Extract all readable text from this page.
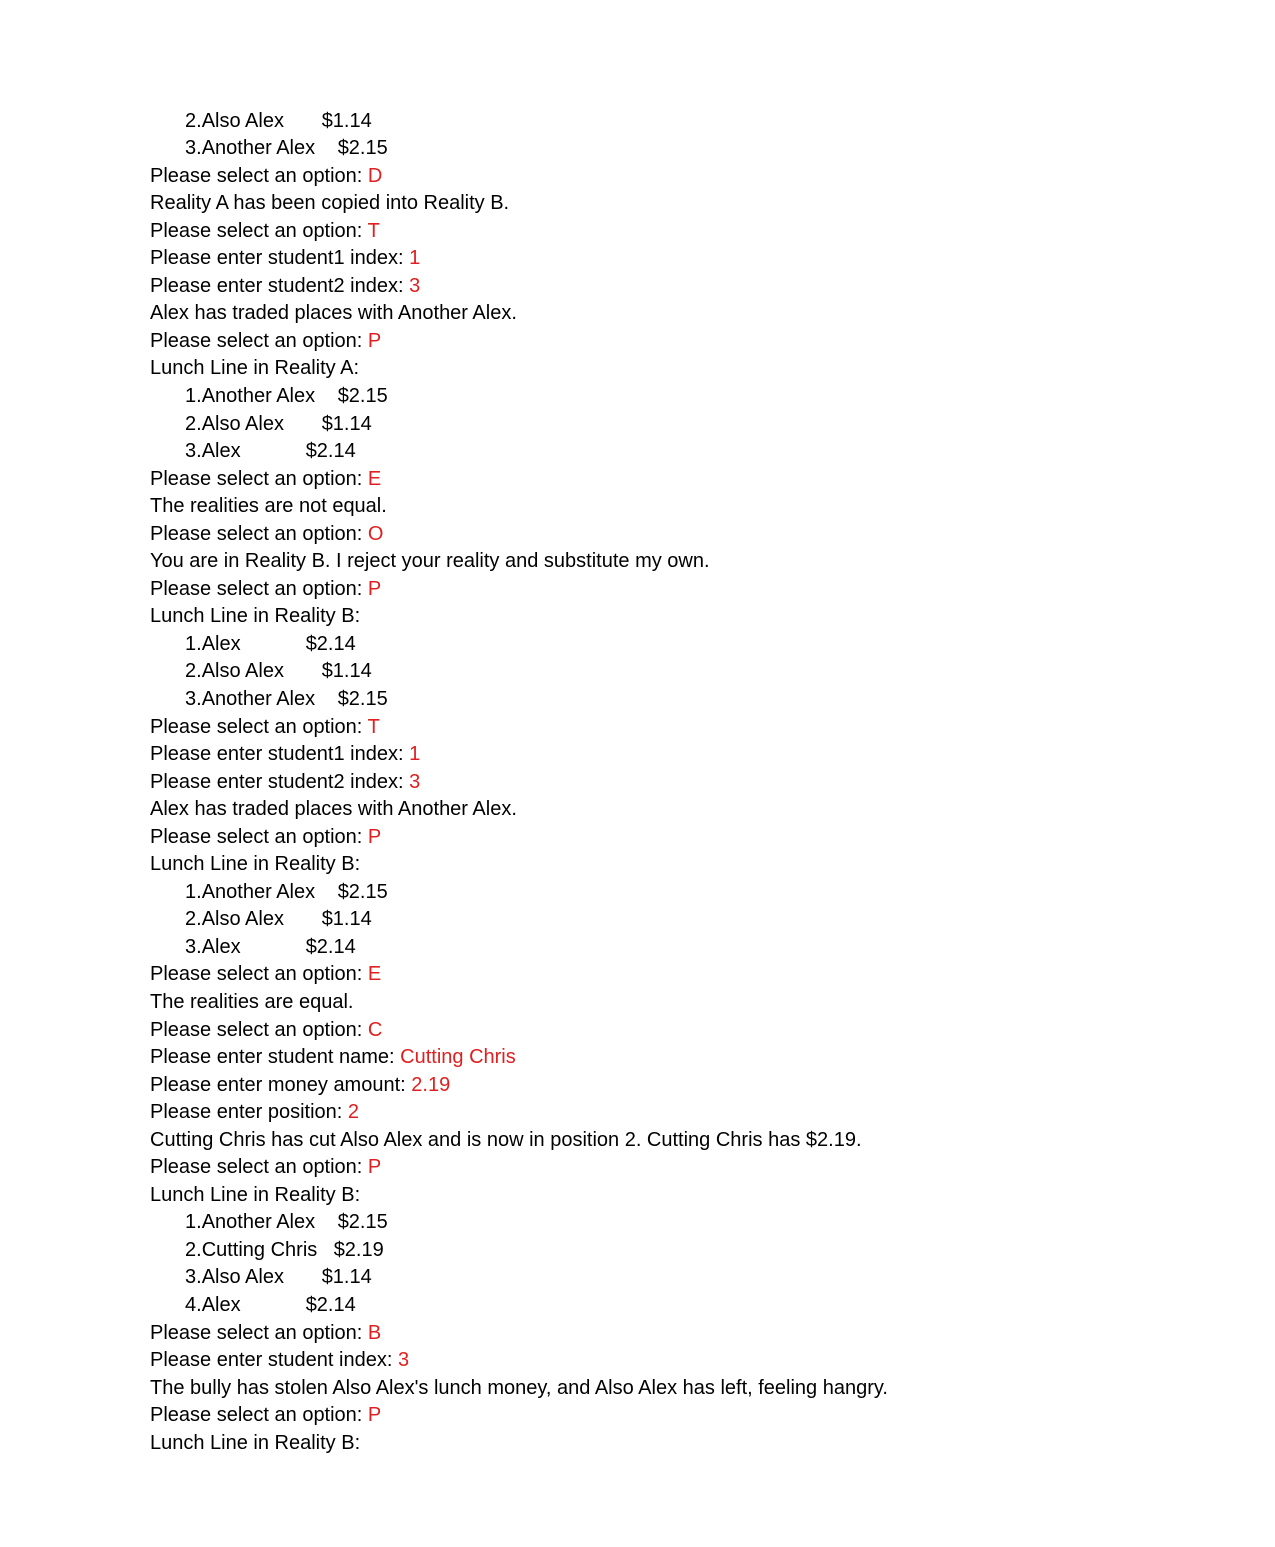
2.Also Alex $1.14
3.Another Alex $2.15
Please select an option: D
Reality A has been copied into Reality B.
Please select an option: T
Please enter student1 index: 1
Please enter student2 index: 3
Alex has traded places with Another Alex.
Please select an option: P
Lunch Line in Reality A:
1.Another Alex $2.15
2.Also Alex $1.14
3.Alex	$2.14
Please select an option: E
The realities are not equal.
Please select an option: O
You are in Reality B. I reject your reality and substitute my own.
Please select an option: P
Lunch Line in Reality B:
1.Alex	$2.14
2.Also Alex $1.14
3.Another Alex $2.15
Please select an option: T
Please enter student1 index: 1
Please enter student2 index: 3
Alex has traded places with Another Alex.
Please select an option: P
Lunch Line in Reality B:
1.Another Alex $2.15
2.Also Alex $1.14
3.Alex	$2.14
Please select an option: E
The realities are equal.
Please select an option: C
Please enter student name: Cutting Chris
Please enter money amount: 2.19
Please enter position: 2
Cutting Chris has cut Also Alex and is now in position 2. Cutting Chris has $2.19.
Please select an option: P
Lunch Line in Reality B:
1.Another Alex $2.15
2.Cutting Chris $2.19
3.Also Alex $1.14
4.Alex	$2.14
Please select an option: B
Please enter student index: 3
The bully has stolen Also Alex's lunch money, and Also Alex has left, feeling hangry.
Please select an option: P
Lunch Line in Reality B:
